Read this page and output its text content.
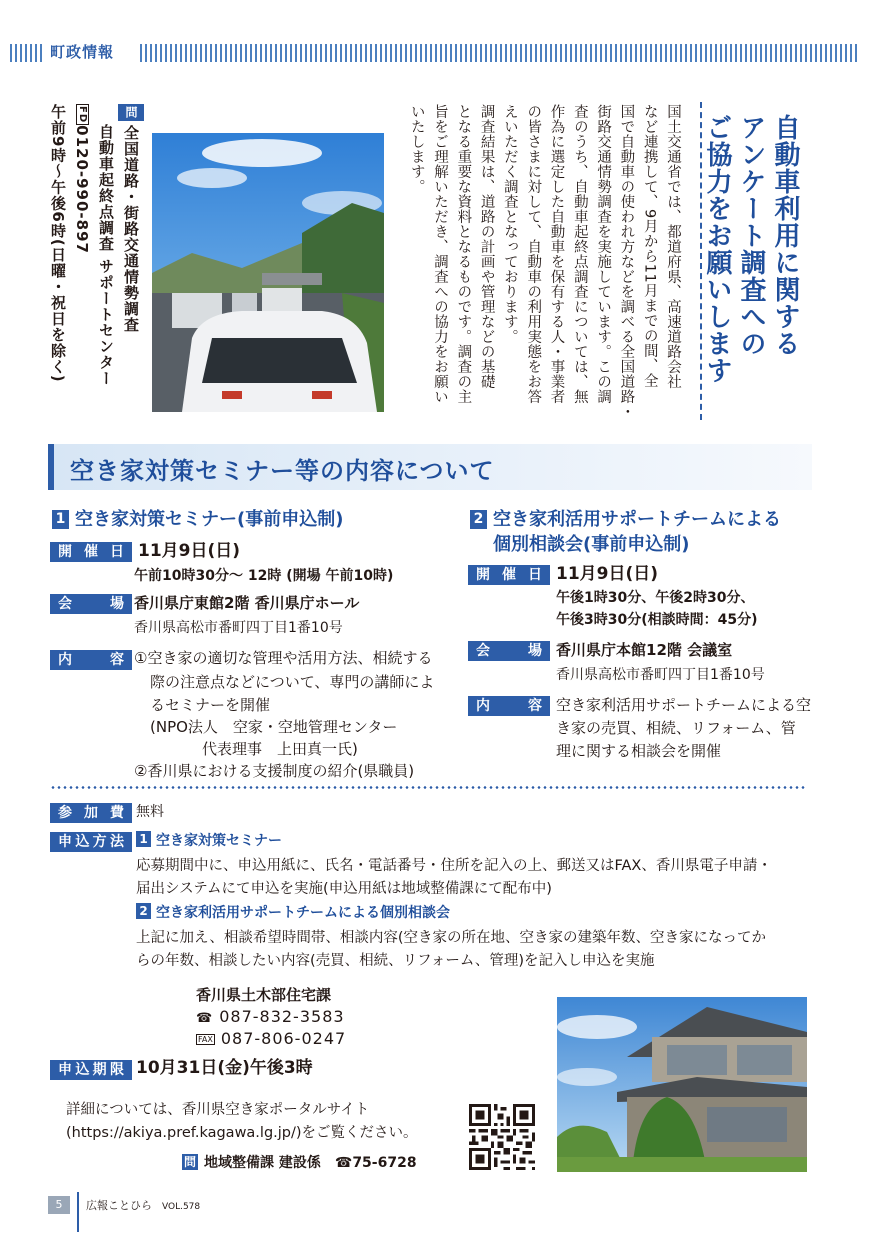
町政情報
自動車利用に関する
アンケート調査への
ご協力をお願いします
国土交通省では、都道府県、高速道路会社
など連携して、9月から11月までの間、全
国で自動車の使われ方などを調べる全国道路・
街路交通情勢調査を実施しています。この調
査のうち、自動車起終点調査については、無
作為に選定した自動車を保有する人・事業者
の皆さまに対して、自動車の利用実態をお答
えいただく調査となっております。
調査結果は、道路の計画や管理などの基礎
となる重要な資料となるものです。調査の主
旨をご理解いただき、調査への協力をお願い
いたします。
問全国道路・街路交通情勢調査
自動車起終点調査 サポートセンター
FD0120-990-897
午前9時〜午後6時(日曜・祝日を除く)
空き家対策セミナー等の内容について
1 空き家対策セミナー(事前申込制)
開催日 11月9日(日)
午前10時30分〜 12時 (開場 午前10時)
会場 香川県庁東館2階 香川県庁ホール
香川県高松市番町四丁目1番10号
内容 ①空き家の適切な管理や活用方法、相続する
際の注意点などについて、専門の講師によ
るセミナーを開催
(NPO法人　空家・空地管理センター
代表理事　上田真一氏)
②香川県における支援制度の紹介(県職員)
2 空き家利活用サポートチームによる
個別相談会(事前申込制)
開催日 11月9日(日)
午後1時30分、午後2時30分、
午後3時30分(相談時間：45分)
会場 香川県庁本館12階 会議室
香川県高松市番町四丁目1番10号
内容 空き家利活用サポートチームによる空
き家の売買、相続、リフォーム、管
理に関する相談会を開催
参加費 無料
申込方法	1 空き家対策セミナー
応募期間中に、申込用紙に、氏名・電話番号・住所を記入の上、郵送又はFAX、香川県電子申請・
届出システムにて申込を実施(申込用紙は地域整備課にて配布中)
2 空き家利活用サポートチームによる個別相談会
上記に加え、相談希望時間帯、相談内容(空き家の所在地、空き家の建築年数、空き家になってか
らの年数、相談したい内容(売買、相続、リフォーム、管理)を記入し申込を実施
香川県土木部住宅課
☎ 087-832-3583
FAX 087-806-0247
申込期限 10月31日(金)午後3時
詳細については、香川県空き家ポータルサイト
(https://akiya.pref.kagawa.lg.jp/)をご覧ください。
問 地域整備課 建設係 ☎75-6728
5	広報ことひら VOL.578
